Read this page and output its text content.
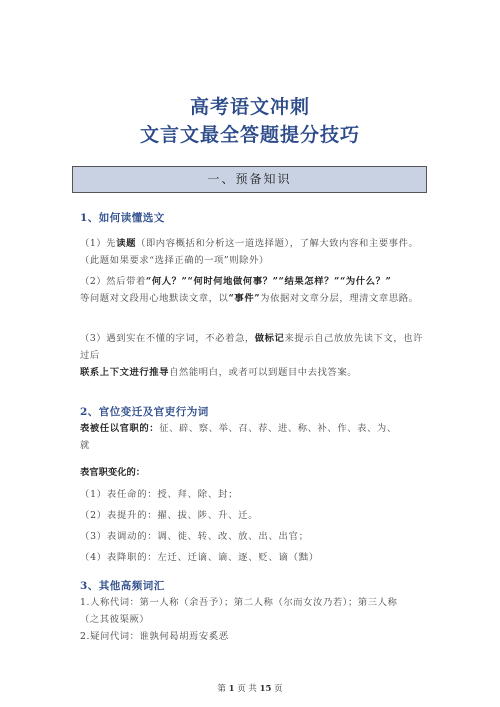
高考语文冲刺
文言文最全答题提分技巧
一、预备知识
1、如何读懂选文
（1）先读题（即内容概括和分析这一道选择题），了解大致内容和主要事件。
（此题如果要求“选择正确的一项”则除外）
（2）然后带着“何人？”“何时何地做何事？”“结果怎样？”“为什么？”
等问题对文段用心地默读文章，以“事件”为依据对文章分层，理清文章思路。
（3）遇到实在不懂的字词，不必着急，做标记来提示自己放放先读下文，也许过后
联系上下文进行推导自然能明白，或者可以到题目中去找答案。
2、官位变迁及官吏行为词
表被任以官职的：征、辟、察、举、召、荐、进、称、补、作、表、为、
就
表官职变化的：
（1）表任命的：授、拜、除、封；
（2）表提升的：擢、拔、陟、升、迁。
（3）表调动的：调、徙、转、改、放、出、出官；
（4）表降职的：左迁、迁谪、谪、逐、贬、谪（黜）
3、其他高频词汇
1.人称代词：第一人称（余吾予）；第二人称（尔而女汝乃若）；第三人称
（之其彼渠厥）
2.疑问代词：谁孰何曷胡焉安奚恶
第 1 页 共 15 页
